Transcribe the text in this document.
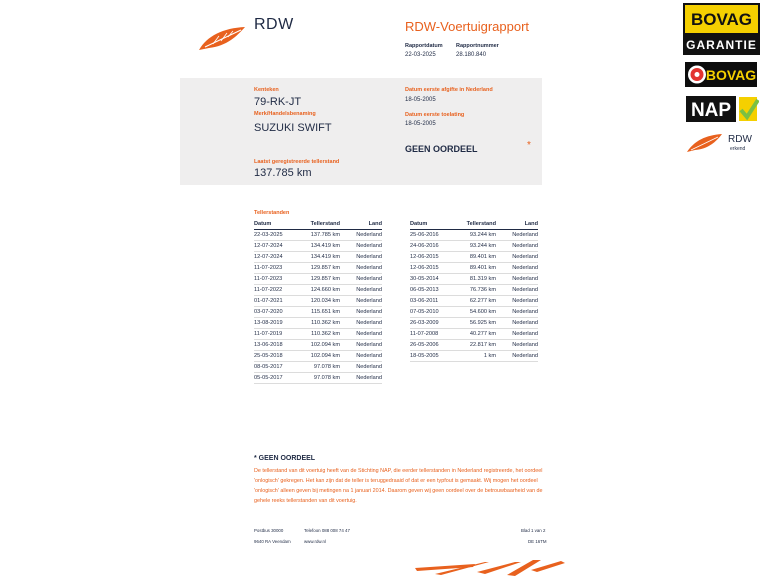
RDW	RDW-Voertuigrapport
Rapportdatum
22-03-2025
Rapportnummer
28.180.840
Kenteken
79-RK-JT
Merk/Handelsbenaming
SUZUKI SWIFT
Laatst geregistreerde tellerstand
137.785 km
Datum eerste afgifte in Nederland
18-05-2005
Datum eerste toelating
18-05-2005
GEEN OORDEEL	*
Tellerstanden
Datum	Tellerstand	Land
22-03-2025	137.785 km	Nederland
12-07-2024	134.419 km	Nederland
12-07-2024	134.419 km	Nederland
11-07-2023	129.857 km	Nederland
11-07-2023	129.857 km	Nederland
11-07-2022	124.660 km	Nederland
01-07-2021	120.034 km	Nederland
03-07-2020	115.651 km	Nederland
13-08-2019	110.362 km	Nederland
11-07-2019	110.362 km	Nederland
13-06-2018	102.094 km	Nederland
25-05-2018	102.094 km	Nederland
08-05-2017	97.078 km	Nederland
05-05-2017	97.078 km	Nederland
Datum	Tellerstand	Land
25-06-2016	93.244 km	Nederland
24-06-2016	93.244 km	Nederland
12-06-2015	89.401 km	Nederland
12-06-2015	89.401 km	Nederland
30-05-2014	81.319 km	Nederland
06-05-2013	76.736 km	Nederland
03-06-2011	62.277 km	Nederland
07-05-2010	54.600 km	Nederland
26-03-2009	56.925 km	Nederland
11-07-2008	40.277 km	Nederland
26-05-2006	22.817 km	Nederland
18-05-2005	1 km	Nederland
* GEEN OORDEEL
De tellerstand van dit voertuig heeft van de Stichting NAP, die eerder tellerstanden in Nederland registreerde, het oordeel 'onlogisch' gekregen. Het kan zijn dat de teller is teruggedraaid of dat er een typfout is gemaakt. Wij mogen het oordeel 'onlogisch' alleen geven bij metingen na 1 januari 2014. Daarom geven wij geen oordeel over de betrouwbaarheid van de gehele reeks tellerstanden van dit voertuig.
Postbus 30000
9640 RA Veendam
Telefoon 088 008 74 47
www.rdw.nl
Blad 1 van 2
DE 16TM
BOVAG
GARANTIE
BOVAG
NAP
RDW
erkend
